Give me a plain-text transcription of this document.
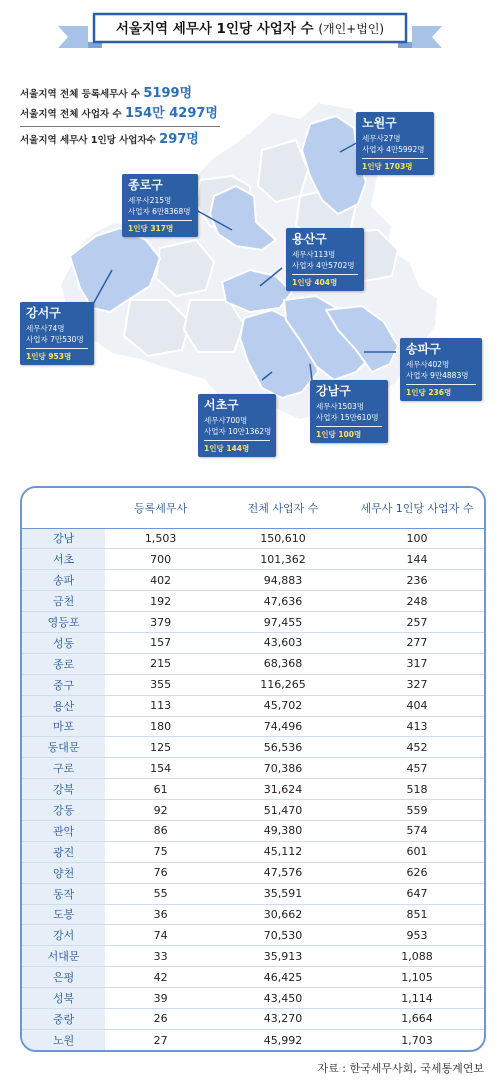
서울지역 세무사 1인당 사업자 수 (개인+법인)
서울지역 전체 등록세무사 수 5199명
서울지역 전체 사업자 수 154만 4297명
서울지역 세무사 1인당 사업자수 297명
노원구
세무사27명
사업자 4만5992명
1인당 1703명
종로구
세무사215명
사업자 6만8368명
1인당 317명
용산구
세무사113명
사업자 4만5702명
1인당 404명
강서구
세무사74명
사업자 7만530명
1인당 953명
송파구
세무사402명
사업자 9만4883명
1인당 236명
강남구
세무사1503명
사업자 15만610명
1인당 100명
서초구
세무사700명
사업자 10만1362명
1인당 144명
	등록세무사	전체 사업자 수	세무사 1인당 사업자 수
강남	1,503	150,610	100
서초	700	101,362	144
송파	402	94,883	236
금천	192	47,636	248
영등포	379	97,455	257
성동	157	43,603	277
종로	215	68,368	317
중구	355	116,265	327
용산	113	45,702	404
마포	180	74,496	413
동대문	125	56,536	452
구로	154	70,386	457
강북	61	31,624	518
강동	92	51,470	559
관악	86	49,380	574
광진	75	45,112	601
양천	76	47,576	626
동작	55	35,591	647
도봉	36	30,662	851
강서	74	70,530	953
서대문	33	35,913	1,088
은평	42	46,425	1,105
성북	39	43,450	1,114
중랑	26	43,270	1,664
노원	27	45,992	1,703
자료 : 한국세무사회, 국세통계연보
